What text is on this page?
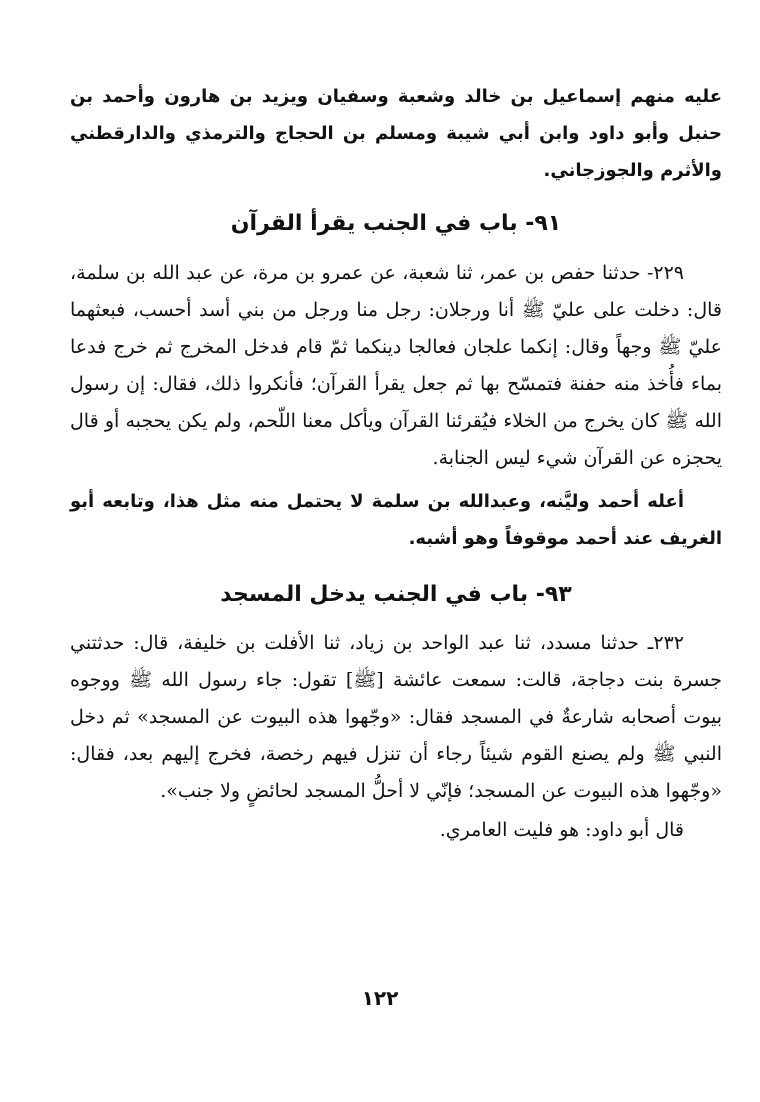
عليه منهم إسماعيل بن خالد وشعبة وسفيان ويزيد بن هارون وأحمد بن حنبل وأبو داود وابن أبي شيبة ومسلم بن الحجاج والترمذي والدارقطني والأثرم والجوزجاني.

٩١- باب في الجنب يقرأ القرآن

٢٢٩- حدثنا حفص بن عمر، ثنا شعبة، عن عمرو بن مرة، عن عبد الله بن سلمة، قال: دخلت على عليّ ﷺ أنا ورجلان: رجل منا ورجل من بني أسد أحسب، فبعثهما عليّ ﷺ وجهاً وقال: إنكما علجان فعالجا دينكما ثمّ قام فدخل المخرج ثم خرج فدعا بماء فأُخذ منه حفنة فتمسّح بها ثم جعل يقرأ القرآن؛ فأنكروا ذلك، فقال: إن رسول الله ﷺ كان يخرج من الخلاء فيُقرئنا القرآن ويأكل معنا اللّحم، ولم يكن يحجبه أو قال يحجزه عن القرآن شيء ليس الجنابة.

أعله أحمد وليَّنه، وعبدالله بن سلمة لا يحتمل منه مثل هذا، وتابعه أبو الغريف عند أحمد موقوفاً وهو أشبه.

٩٣- باب في الجنب يدخل المسجد

٢٣٢ـ حدثنا مسدد، ثنا عبد الواحد بن زياد، ثنا الأفلت بن خليفة، قال: حدثتني جسرة بنت دجاجة، قالت: سمعت عائشة [ﷺ] تقول: جاء رسول الله ﷺ ووجوه بيوت أصحابه شارعةٌ في المسجد فقال: «وجّهوا هذه البيوت عن المسجد» ثم دخل النبي ﷺ ولم يصنع القوم شيئاً رجاء أن تنزل فيهم رخصة، فخرج إليهم بعد، فقال: «وجّهوا هذه البيوت عن المسجد؛ فإنّي لا أحلُّ المسجد لحائضٍ ولا جنب».

قال أبو داود: هو فليت العامري.

١٢٢
